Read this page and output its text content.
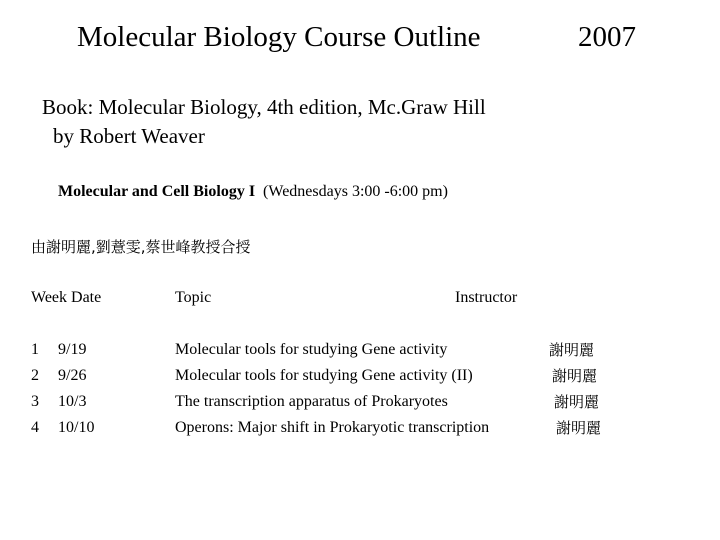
Molecular Biology Course Outline	2007
Book: Molecular Biology, 4th edition, Mc.Graw Hill
by Robert Weaver
Molecular and Cell Biology I (Wednesdays 3:00 -6:00 pm)
由謝明麗,劉薏雯,蔡世峰教授合授
Week Date	Topic	Instructor
1 9/19	Molecular tools for studying Gene activity	謝明麗
2 9/26	Molecular tools for studying Gene activity (II)	謝明麗
3 10/3	The transcription apparatus of Prokaryotes	謝明麗
4 10/10	Operons: Major shift in Prokaryotic transcription	謝明麗
